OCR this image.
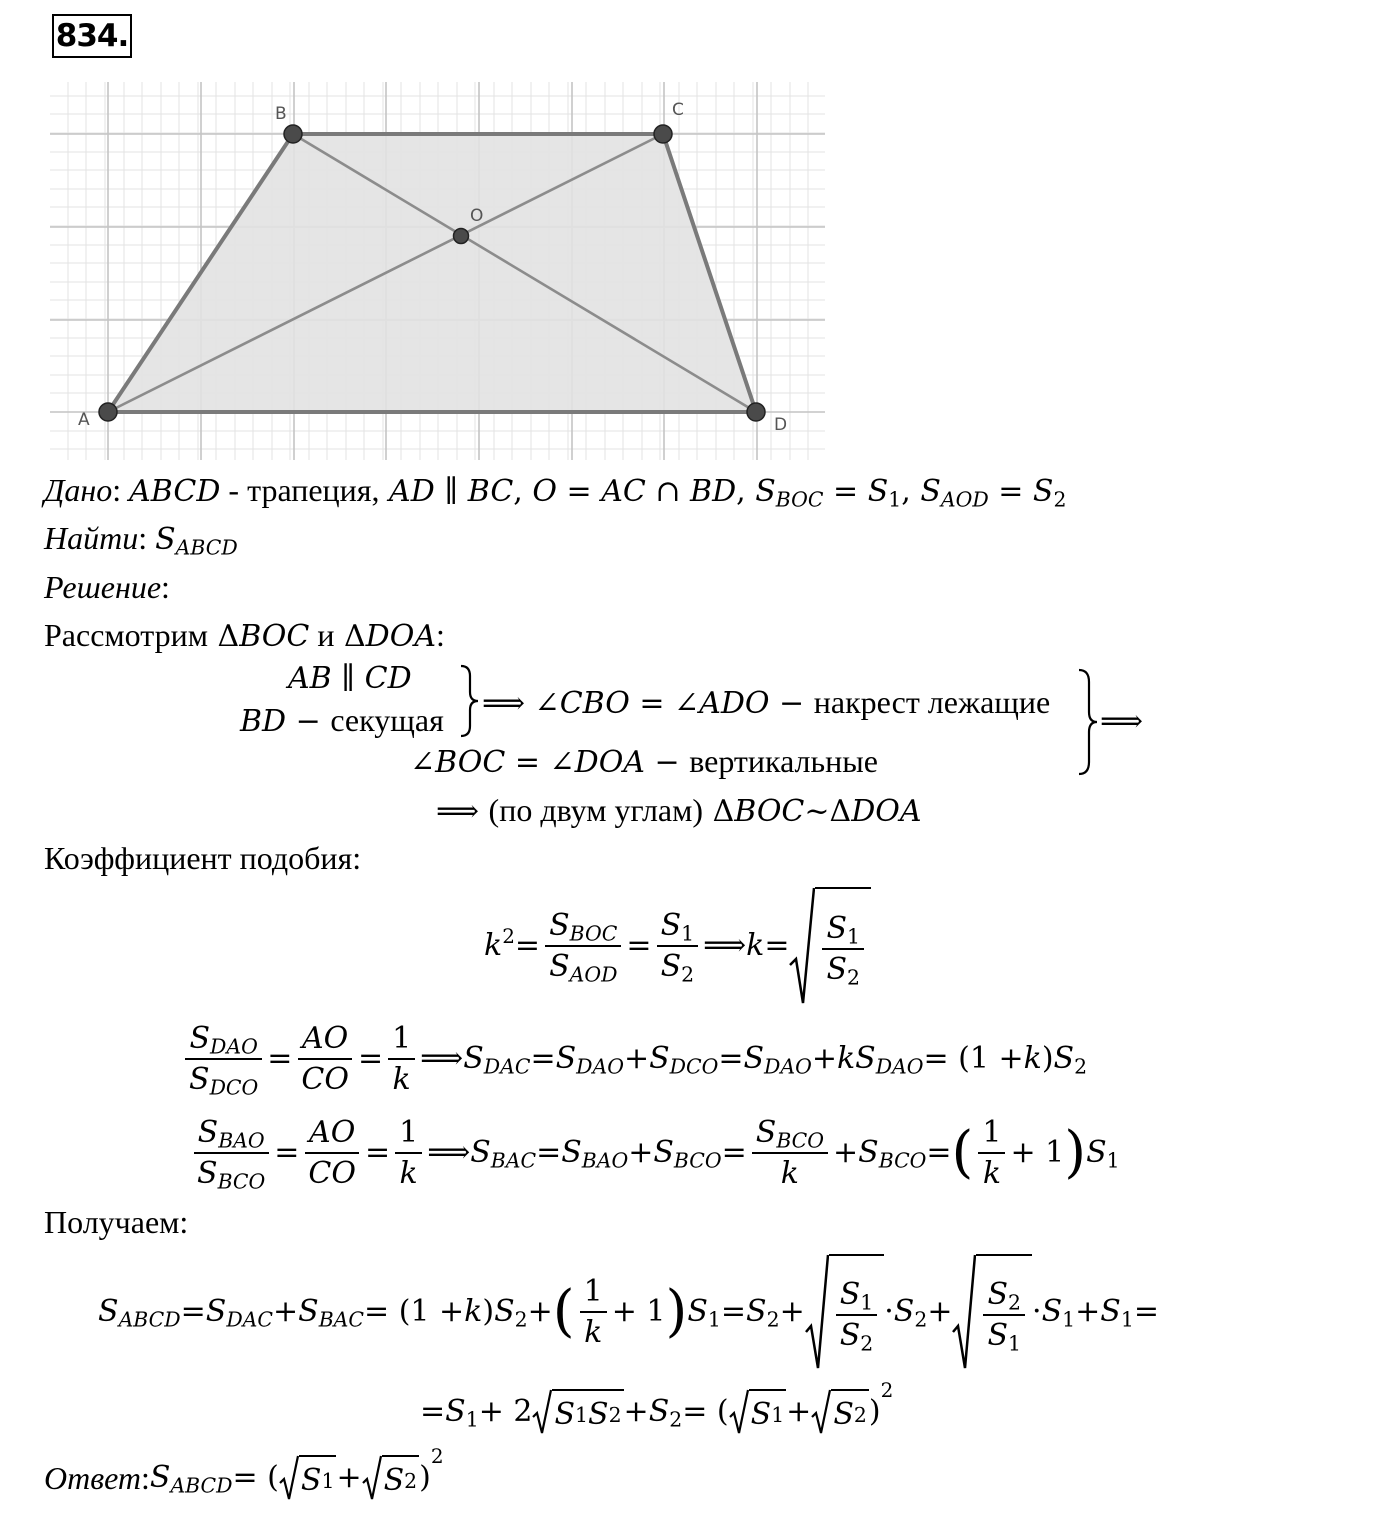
834.
A
B	C
D
O
Дано: ABCD - трапеция, AD ∥ BC, O = AC ∩ BD, $S_{BOC} = S_1$, $S_{AOD} = S_2$
Найти: $S_{ABCD}$
Решение:
Рассмотрим ΔBOC и ΔDOA:
AB ∥ CD
BD − секущая ⟹ ∠CBO = ∠ADO − накрест лежащие
∠BOC = ∠DOA − вертикальные
⟹
⟹ (по двум углам) ΔBOC~ΔDOA
Коэффициент подобия:
k $2 = \frac{S_{BOC}}{S_{AOD}} = \frac{S_1}{S_2}$ ⟹ $k = \frac{S_1}{S_2}$
$\frac{S_{DAO}}{S_{DCO}} = \frac{AO}{CO} = \frac{1}{k}$ ⟹ $S_{DAC} = S_{DAO} + S_{DCO} = S_{DAO} + kS_{DAO} = (1 + k$ ) $S_2$
$\frac{S_{BAO}}{S_{BCO}} = \frac{AO}{CO} = \frac{1}{k}$ ⟹ $S_{BAC} = S_{BAO} + S_{BCO} = \frac{S_{BCO}}{k} + S_{BCO}$ = ( $\frac{1}{k} + 1$ ) $S_1$
Получаем:
$S_{ABCD} = S_{DAC} + S_{BAC} = (1 + k$ ) $S_2$ + ( $\frac{1}{k} + 1$ ) $S_1 = S_2 + \frac{S_1}{S_2} \cdot S_2 + \frac{S_2}{S_1} \cdot S_1 + S_1$ =
= $S_1 + 2$ S 1 S $2 + S_2$ = ( S 1 + S 2 )
2
Ответ : $S_{ABCD}$ = ( S 1 + S 2 )
2
